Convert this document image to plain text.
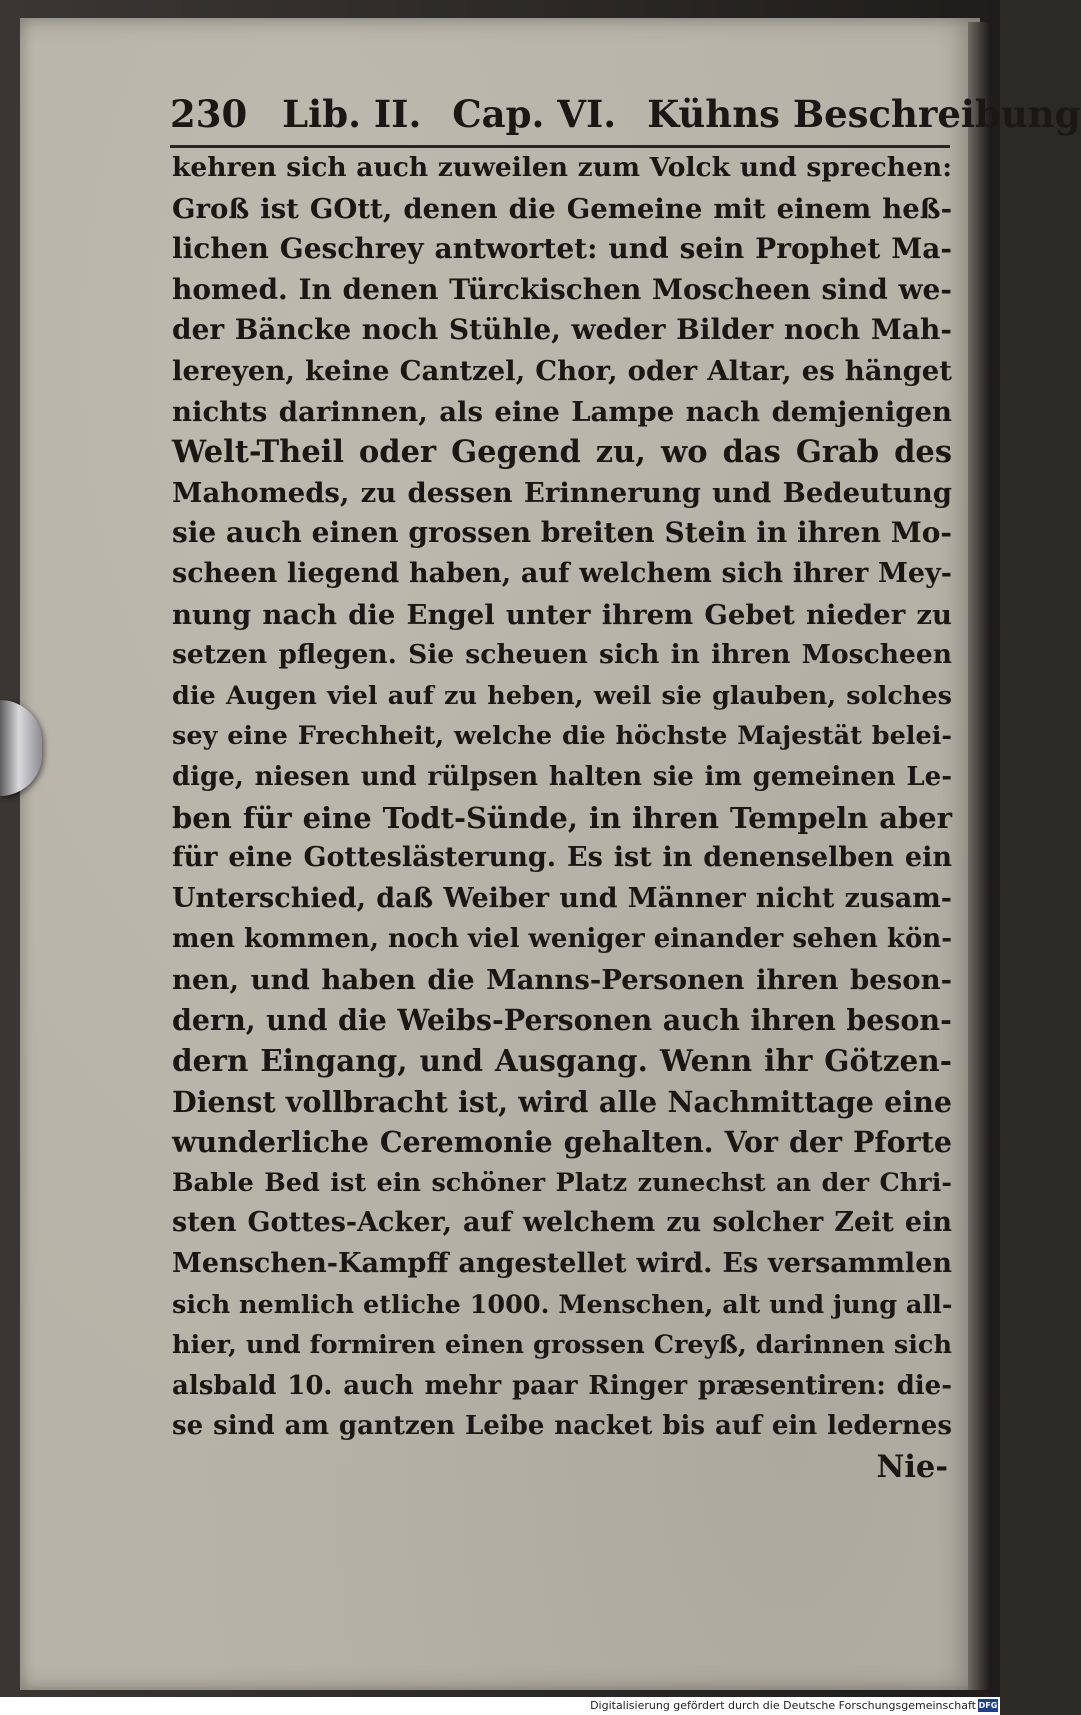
230 Lib. II. Cap. VI. Kühns Beschreibung
kehren sich auch zuweilen zum Volck und sprechen:
Groß ist GOtt, denen die Gemeine mit einem heß-
lichen Geschrey antwortet: und sein Prophet Ma-
homed. In denen Türckischen Moscheen sind we-
der Bäncke noch Stühle, weder Bilder noch Mah-
lereyen, keine Cantzel, Chor, oder Altar, es hänget
nichts darinnen, als eine Lampe nach demjenigen
Welt-Theil oder Gegend zu, wo das Grab des
Mahomeds, zu dessen Erinnerung und Bedeutung
sie auch einen grossen breiten Stein in ihren Mo-
scheen liegend haben, auf welchem sich ihrer Mey-
nung nach die Engel unter ihrem Gebet nieder zu
setzen pflegen. Sie scheuen sich in ihren Moscheen
die Augen viel auf zu heben, weil sie glauben, solches
sey eine Frechheit, welche die höchste Majestät belei-
dige, niesen und rülpsen halten sie im gemeinen Le-
ben für eine Todt-Sünde, in ihren Tempeln aber
für eine Gotteslästerung. Es ist in denenselben ein
Unterschied, daß Weiber und Männer nicht zusam-
men kommen, noch viel weniger einander sehen kön-
nen, und haben die Manns-Personen ihren beson-
dern, und die Weibs-Personen auch ihren beson-
dern Eingang, und Ausgang. Wenn ihr Götzen-
Dienst vollbracht ist, wird alle Nachmittage eine
wunderliche Ceremonie gehalten. Vor der Pforte
Bable Bed ist ein schöner Platz zunechst an der Chri-
sten Gottes-Acker, auf welchem zu solcher Zeit ein
Menschen-Kampff angestellet wird. Es versammlen
sich nemlich etliche 1000. Menschen, alt und jung all-
hier, und formiren einen grossen Creyß, darinnen sich
alsbald 10. auch mehr paar Ringer præsentiren: die-
se sind am gantzen Leibe nacket bis auf ein ledernes
Nie-
Digitalisierung gefördert durch die Deutsche Forschungsgemeinschaft DFG
